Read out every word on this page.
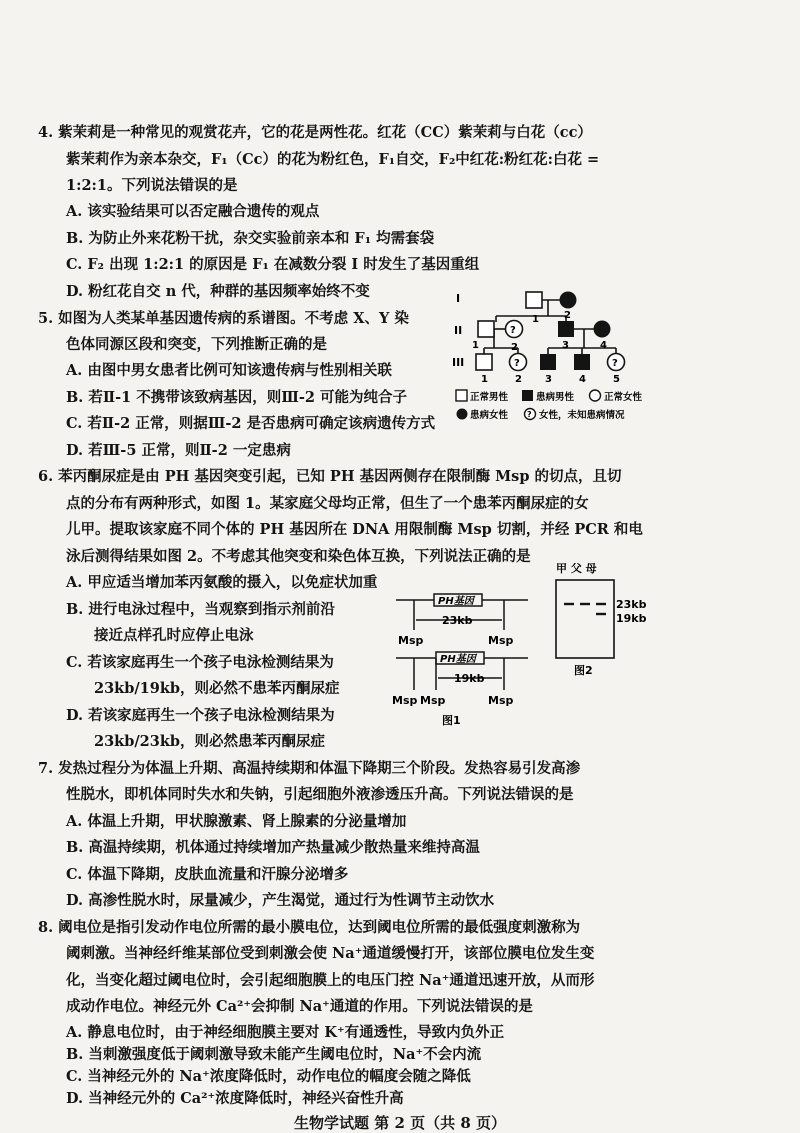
4. 紫茉莉是一种常见的观赏花卉，它的花是两性花。红花（CC）紫茉莉与白花（cc）
紫茉莉作为亲本杂交，F₁（Cc）的花为粉红色，F₁自交，F₂中红花:粉红花:白花 =
1:2:1。下列说法错误的是
A. 该实验结果可以否定融合遗传的观点
B. 为防止外来花粉干扰，杂交实验前亲本和 F₁ 均需套袋
C. F₂ 出现 1:2:1 的原因是 F₁ 在减数分裂 I 时发生了基因重组
D. 粉红花自交 n 代，种群的基因频率始终不变
5. 如图为人类某单基因遗传病的系谱图。不考虑 X、Y 染
色体同源区段和突变，下列推断正确的是
A. 由图中男女患者比例可知该遗传病与性别相关联
B. 若Ⅱ-1 不携带该致病基因，则Ⅲ-2 可能为纯合子
C. 若Ⅱ-2 正常，则据Ⅲ-2 是否患病可确定该病遗传方式
D. 若Ⅲ-5 正常，则Ⅱ-2 一定患病
I
II
III
1	2
?
1	2	3	4
?	?
1	2 3	4	5
正常男性	患病男性	正常女性
患病女性 ? 女性，未知患病情况
6. 苯丙酮尿症是由 PH 基因突变引起，已知 PH 基因两侧存在限制酶 Msp 的切点，且切
点的分布有两种形式，如图 1。某家庭父母均正常，但生了一个患苯丙酮尿症的女
儿甲。提取该家庭不同个体的 PH 基因所在 DNA 用限制酶 Msp 切割，并经 PCR 和电
泳后测得结果如图 2。不考虑其他突变和染色体互换，下列说法正确的是
A. 甲应适当增加苯丙氨酸的摄入，以免症状加重
B. 进行电泳过程中，当观察到指示剂前沿
接近点样孔时应停止电泳
C. 若该家庭再生一个孩子电泳检测结果为
23kb/19kb，则必然不患苯丙酮尿症
D. 若该家庭再生一个孩子电泳检测结果为
23kb/23kb，则必然患苯丙酮尿症
PH基因
23kb
Msp	Msp
PH基因
19kb
Msp Msp	Msp
图1
甲 父 母
23kb
19kb
图2
7. 发热过程分为体温上升期、高温持续期和体温下降期三个阶段。发热容易引发高渗
性脱水，即机体同时失水和失钠，引起细胞外液渗透压升高。下列说法错误的是
A. 体温上升期，甲状腺激素、肾上腺素的分泌量增加
B. 高温持续期，机体通过持续增加产热量减少散热量来维持高温
C. 体温下降期，皮肤血流量和汗腺分泌增多
D. 高渗性脱水时，尿量减少，产生渴觉，通过行为性调节主动饮水
8. 阈电位是指引发动作电位所需的最小膜电位，达到阈电位所需的最低强度刺激称为
阈刺激。当神经纤维某部位受到刺激会使 Na⁺通道缓慢打开，该部位膜电位发生变
化，当变化超过阈电位时，会引起细胞膜上的电压门控 Na⁺通道迅速开放，从而形
成动作电位。神经元外 Ca²⁺会抑制 Na⁺通道的作用。下列说法错误的是
A. 静息电位时，由于神经细胞膜主要对 K⁺有通透性，导致内负外正
B. 当刺激强度低于阈刺激导致未能产生阈电位时，Na⁺不会内流
C. 当神经元外的 Na⁺浓度降低时，动作电位的幅度会随之降低
D. 当神经元外的 Ca²⁺浓度降低时，神经兴奋性升高
生物学试题 第 2 页（共 8 页）
